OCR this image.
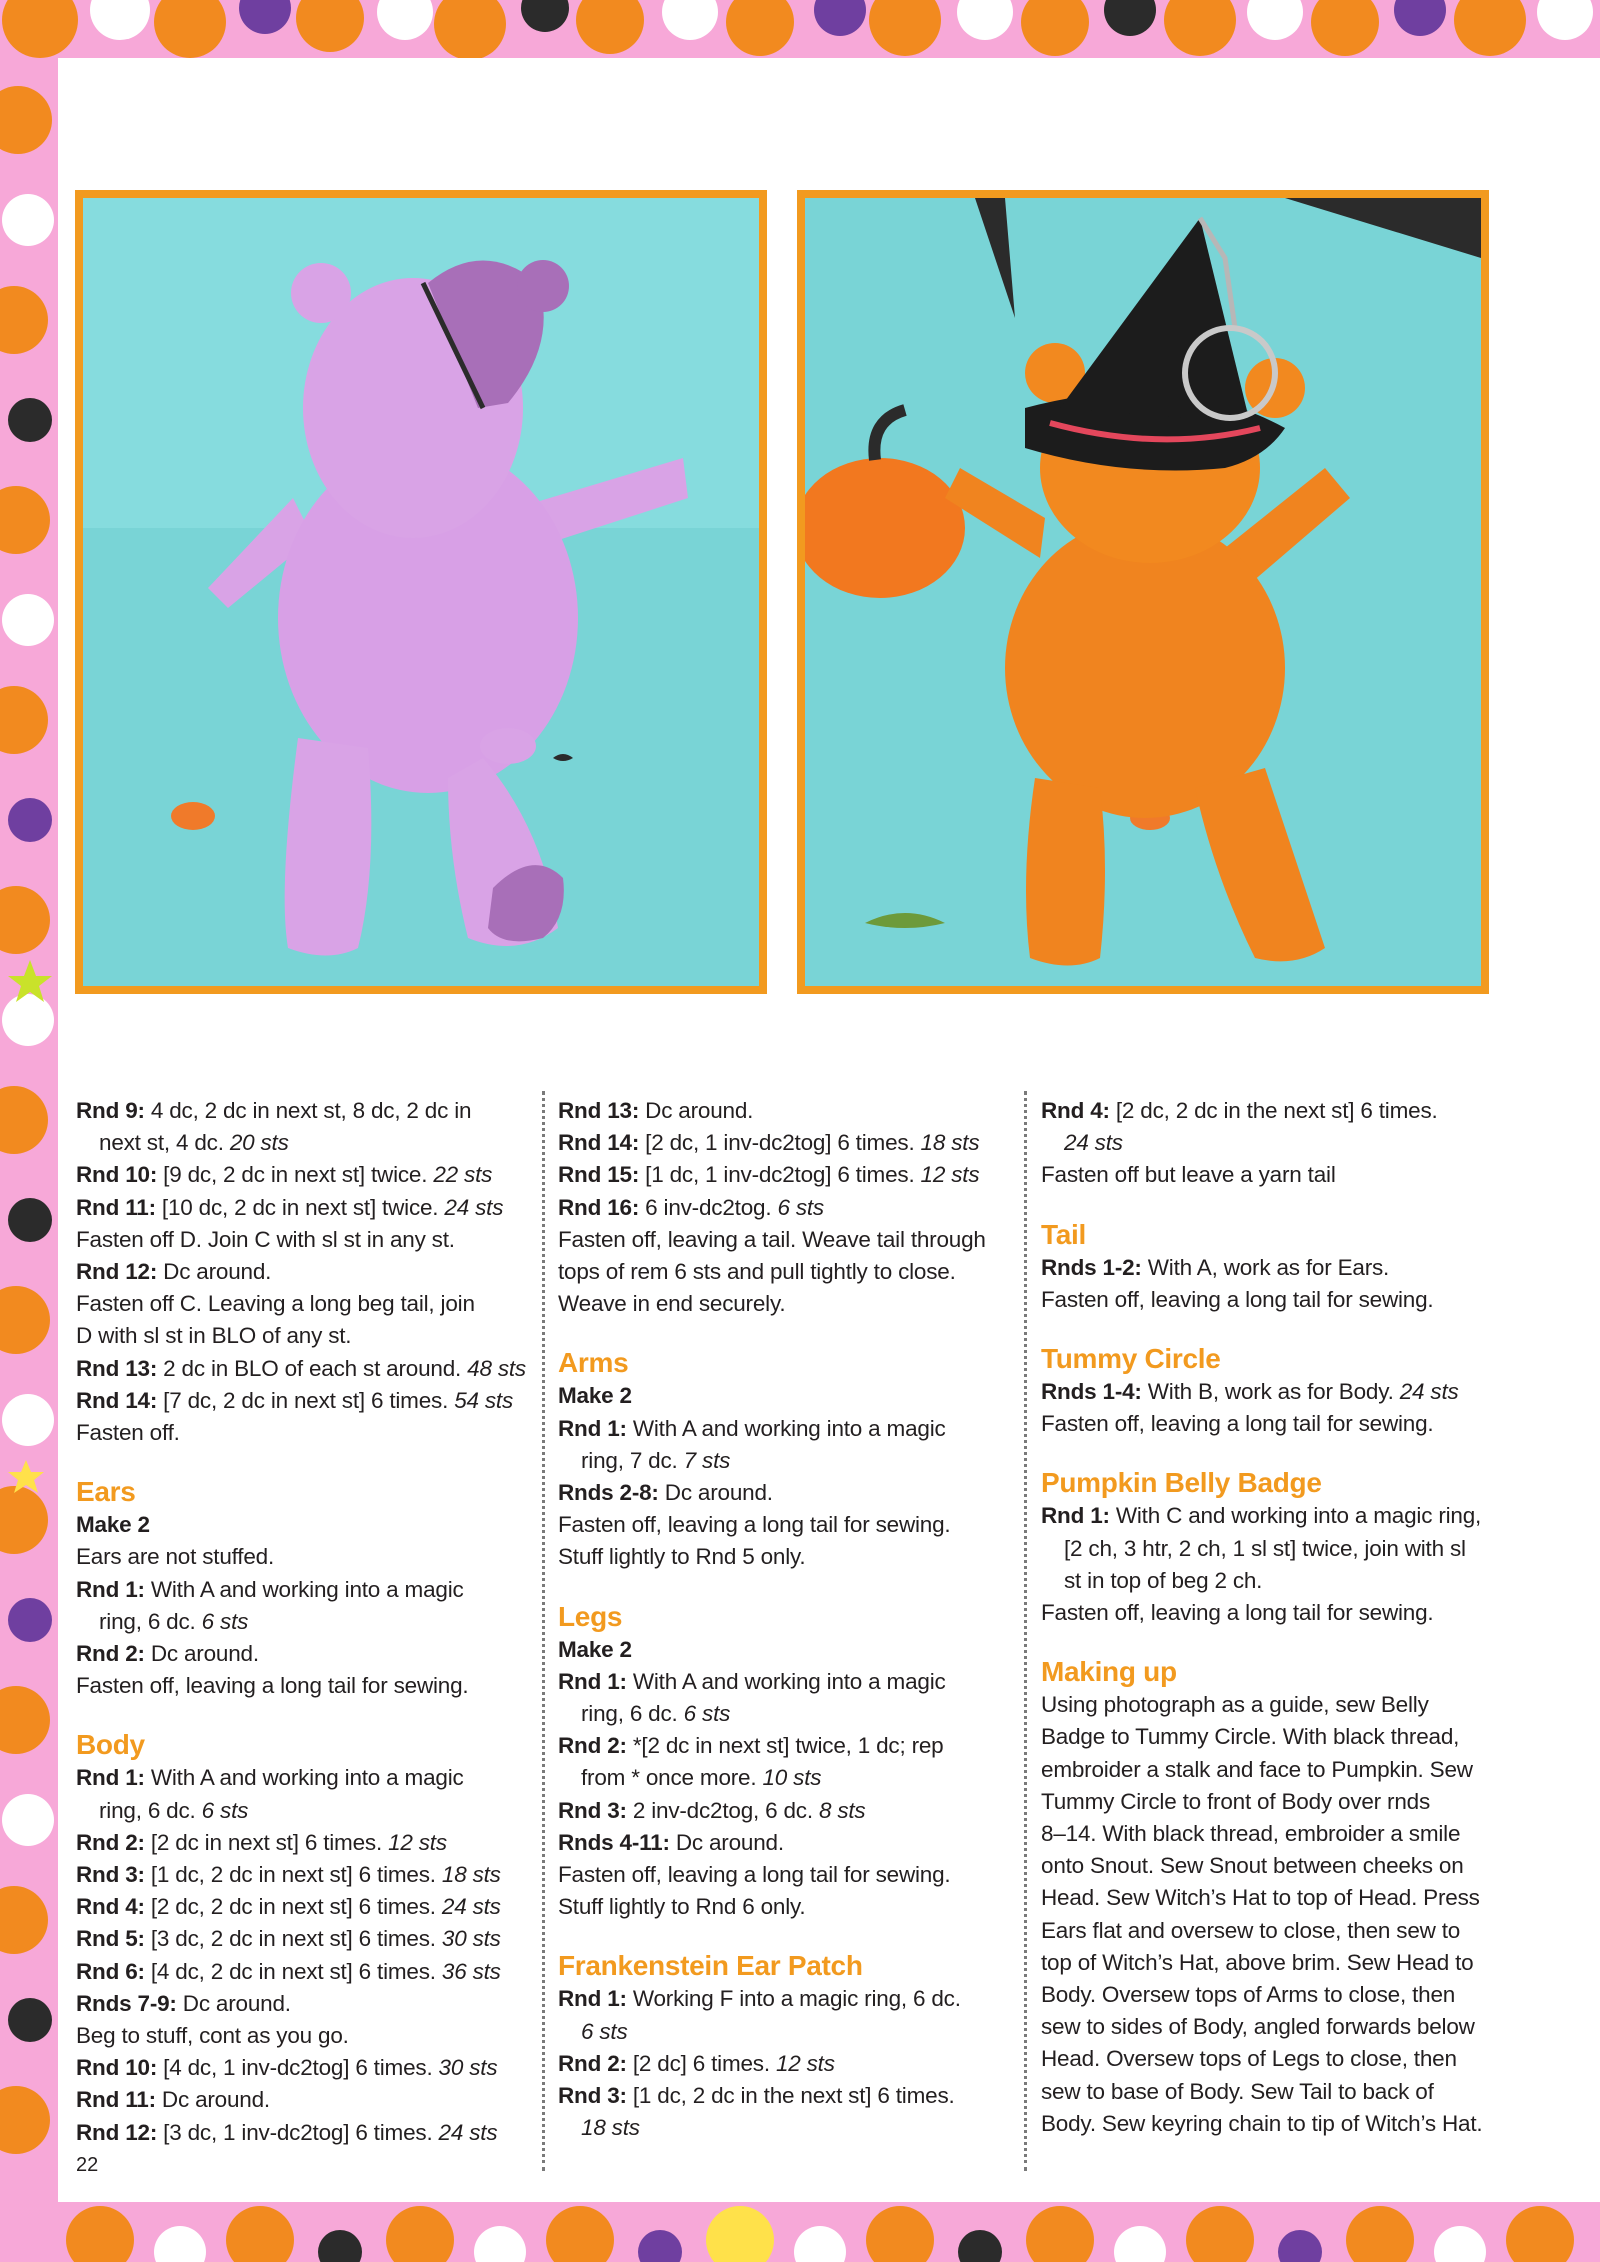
Rnd 9: 4 dc, 2 dc in next st, 8 dc, 2 dc in

next st, 4 dc. 20 sts

Rnd 10: [9 dc, 2 dc in next st] twice. 22 sts

Rnd 11: [10 dc, 2 dc in next st] twice. 24 sts

Fasten off D. Join C with sl st in any st.

Rnd 12: Dc around.

Fasten off C. Leaving a long beg tail, join

D with sl st in BLO of any st.

Rnd 13: 2 dc in BLO of each st around. 48 sts

Rnd 14: [7 dc, 2 dc in next st] 6 times. 54 sts

Fasten off.

Ears

Make 2

Ears are not stuffed.

Rnd 1: With A and working into a magic

ring, 6 dc. 6 sts

Rnd 2: Dc around.

Fasten off, leaving a long tail for sewing.

Body

Rnd 1: With A and working into a magic

ring, 6 dc. 6 sts

Rnd 2: [2 dc in next st] 6 times. 12 sts

Rnd 3: [1 dc, 2 dc in next st] 6 times. 18 sts

Rnd 4: [2 dc, 2 dc in next st] 6 times. 24 sts

Rnd 5: [3 dc, 2 dc in next st] 6 times. 30 sts

Rnd 6: [4 dc, 2 dc in next st] 6 times. 36 sts

Rnds 7-9: Dc around.

Beg to stuff, cont as you go.

Rnd 10: [4 dc, 1 inv-dc2tog] 6 times. 30 sts

Rnd 11: Dc around.

Rnd 12: [3 dc, 1 inv-dc2tog] 6 times. 24 sts

Rnd 13: Dc around.

Rnd 14: [2 dc, 1 inv-dc2tog] 6 times. 18 sts

Rnd 15: [1 dc, 1 inv-dc2tog] 6 times. 12 sts

Rnd 16: 6 inv-dc2tog. 6 sts

Fasten off, leaving a tail. Weave tail through

tops of rem 6 sts and pull tightly to close.

Weave in end securely.

Arms

Make 2

Rnd 1: With A and working into a magic

ring, 7 dc. 7 sts

Rnds 2-8: Dc around.

Fasten off, leaving a long tail for sewing.

Stuff lightly to Rnd 5 only.

Legs

Make 2

Rnd 1: With A and working into a magic

ring, 6 dc. 6 sts

Rnd 2: *[2 dc in next st] twice, 1 dc; rep

from * once more. 10 sts

Rnd 3: 2 inv-dc2tog, 6 dc. 8 sts

Rnds 4-11: Dc around.

Fasten off, leaving a long tail for sewing.

Stuff lightly to Rnd 6 only.

Frankenstein Ear Patch

Rnd 1: Working F into a magic ring, 6 dc.

6 sts

Rnd 2: [2 dc] 6 times. 12 sts

Rnd 3: [1 dc, 2 dc in the next st] 6 times.

18 sts

Rnd 4: [2 dc, 2 dc in the next st] 6 times.

24 sts

Fasten off but leave a yarn tail

Tail

Rnds 1-2: With A, work as for Ears.

Fasten off, leaving a long tail for sewing.

Tummy Circle

Rnds 1-4: With B, work as for Body. 24 sts

Fasten off, leaving a long tail for sewing.

Pumpkin Belly Badge

Rnd 1: With C and working into a magic ring,

[2 ch, 3 htr, 2 ch, 1 sl st] twice, join with sl

st in top of beg 2 ch.

Fasten off, leaving a long tail for sewing.

Making up

Using photograph as a guide, sew Belly

Badge to Tummy Circle. With black thread,

embroider a stalk and face to Pumpkin. Sew

Tummy Circle to front of Body over rnds

8–14. With black thread, embroider a smile

onto Snout. Sew Snout between cheeks on

Head. Sew Witch’s Hat to top of Head. Press

Ears flat and oversew to close, then sew to

top of Witch’s Hat, above brim. Sew Head to

Body. Oversew tops of Arms to close, then

sew to sides of Body, angled forwards below

Head. Oversew tops of Legs to close, then

sew to base of Body. Sew Tail to back of

Body. Sew keyring chain to tip of Witch’s Hat.

22
